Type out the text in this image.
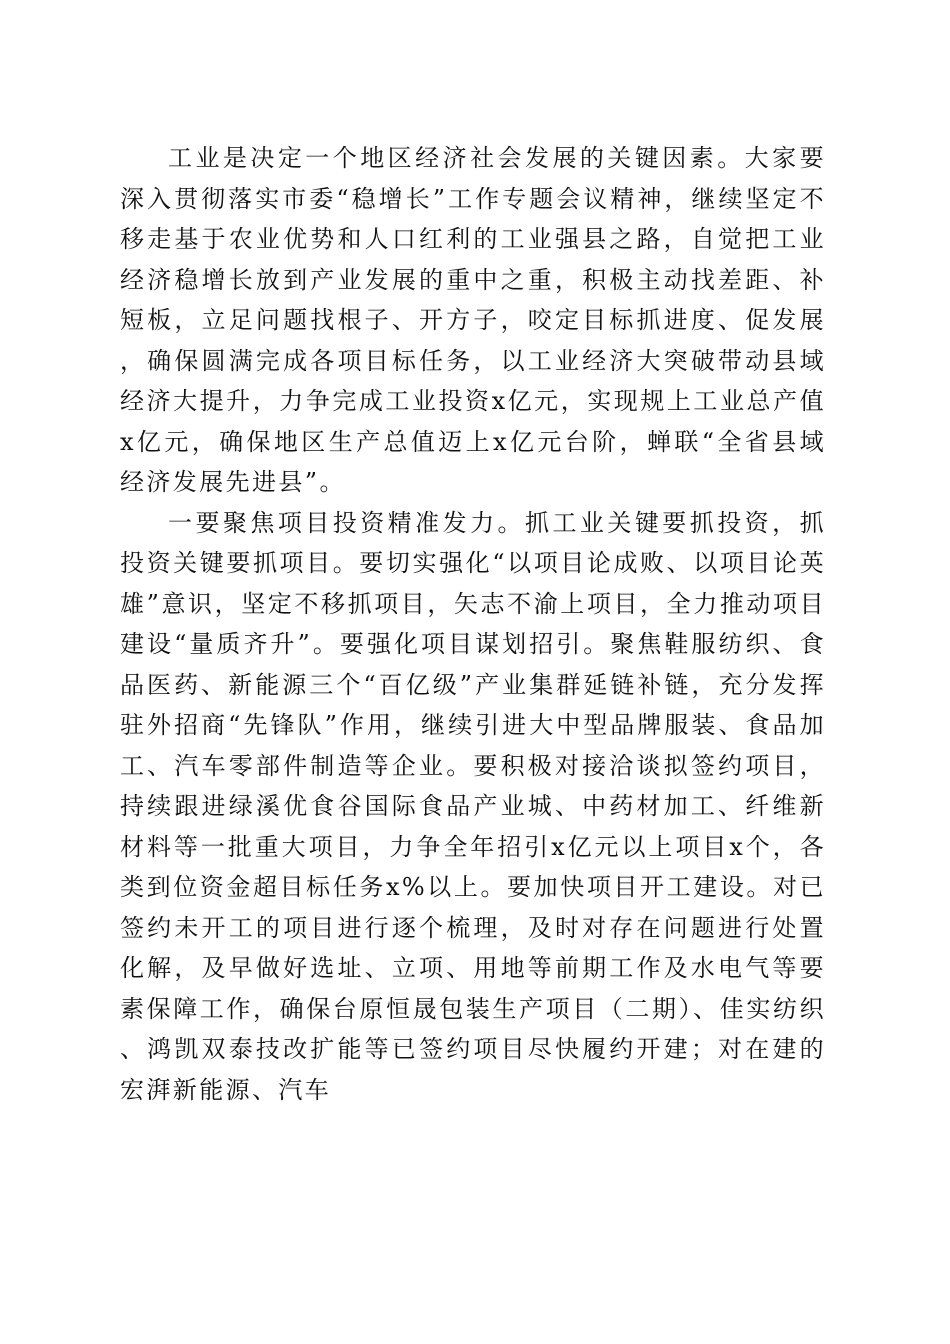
工业是决定一个地区经济社会发展的关键因素。大家要深入贯彻落实市委“稳增长”工作专题会议精神，继续坚定不移走基于农业优势和人口红利的工业强县之路，自觉把工业经济稳增长放到产业发展的重中之重，积极主动找差距、补短板，立足问题找根子、开方子，咬定目标抓进度、促发展，确保圆满完成各项目标任务，以工业经济大突破带动县域经济大提升，力争完成工业投资x亿元，实现规上工业总产值x亿元，确保地区生产总值迈上x亿元台阶，蝉联“全省县域经济发展先进县”。

一要聚焦项目投资精准发力。抓工业关键要抓投资，抓投资关键要抓项目。要切实强化“以项目论成败、以项目论英雄”意识，坚定不移抓项目，矢志不渝上项目，全力推动项目建设“量质齐升”。要强化项目谋划招引。聚焦鞋服纺织、食品医药、新能源三个“百亿级”产业集群延链补链，充分发挥驻外招商“先锋队”作用，继续引进大中型品牌服装、食品加工、汽车零部件制造等企业。要积极对接洽谈拟签约项目，持续跟进绿溪优食谷国际食品产业城、中药材加工、纤维新材料等一批重大项目，力争全年招引x亿元以上项目x个，各类到位资金超目标任务x%以上。要加快项目开工建设。对已签约未开工的项目进行逐个梳理，及时对存在问题进行处置化解，及早做好选址、立项、用地等前期工作及水电气等要素保障工作，确保台原恒晟包装生产项目（二期）、佳实纺织、鸿凯双泰技改扩能等已签约项目尽快履约开建；对在建的宏湃新能源、汽车
